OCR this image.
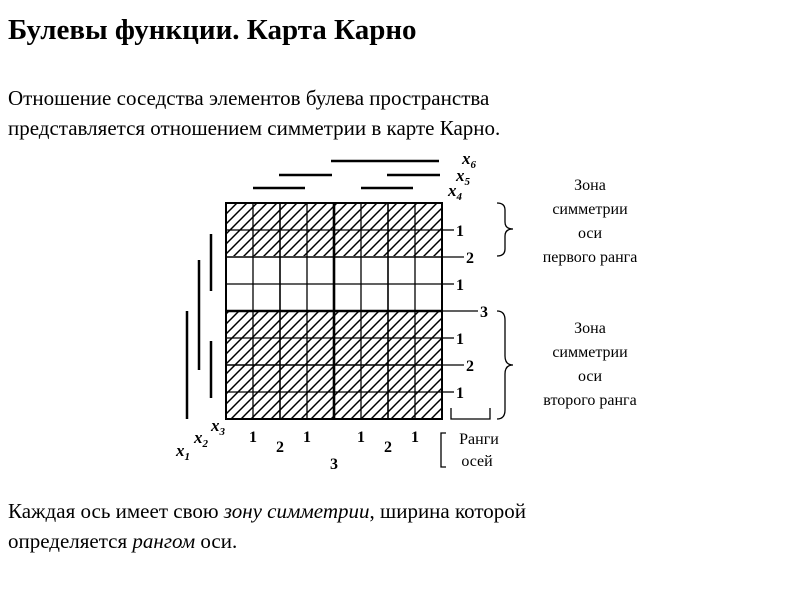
Булевы функции. Карта Карно
Отношение соседства элементов булева пространства
представляется отношением симметрии в карте Карно.
$x_6$
$x_5$
$x_4$
$x_3$
$x_2$
$x_1$
1
2
1
3
1
2
1
1
2
1
3
1
2
1
Зона
симметрии
оси
первого ранга
Зона
симметрии
оси
второго ранга
Ранги
осей
Каждая ось имеет свою зону симметрии, ширина которой
определяется рангом оси.
